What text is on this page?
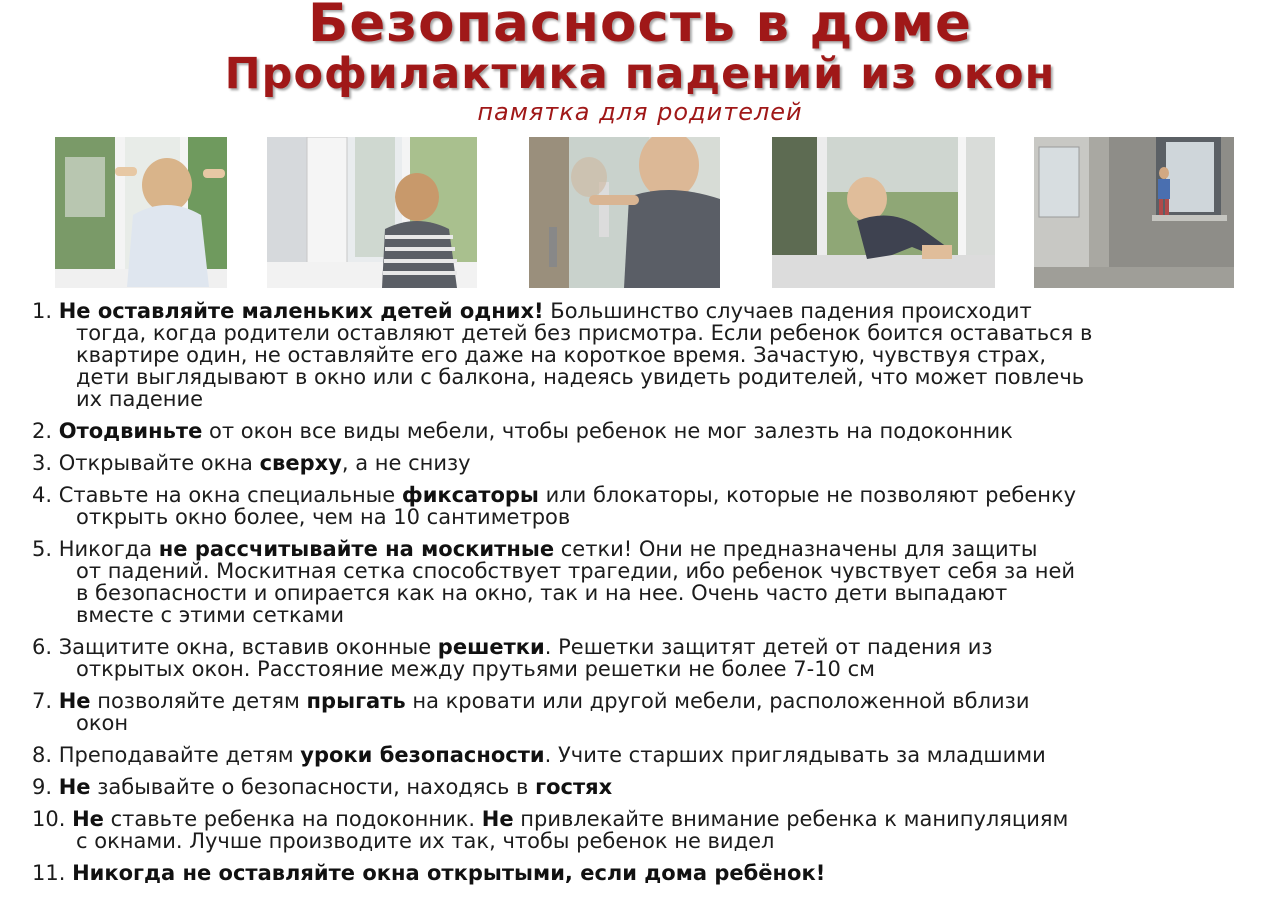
Безопасность в доме
Профилактика падений из окон
памятка для родителей
1. Не оставляйте маленьких детей одних! Большинство случаев падения происходит
тогда, когда родители оставляют детей без присмотра. Если ребенок боится оставаться в
квартире один, не оставляйте его даже на короткое время. Зачастую, чувствуя страх,
дети выглядывают в окно или с балкона, надеясь увидеть родителей, что может повлечь
их падение
2. Отодвиньте от окон все виды мебели, чтобы ребенок не мог залезть на подоконник
3. Открывайте окна сверху, а не снизу
4. Ставьте на окна специальные фиксаторы или блокаторы, которые не позволяют ребенку
открыть окно более, чем на 10 сантиметров
5. Никогда не рассчитывайте на москитные сетки! Они не предназначены для защиты
от падений. Москитная сетка способствует трагедии, ибо ребенок чувствует себя за ней
в безопасности и опирается как на окно, так и на нее. Очень часто дети выпадают
вместе с этими сетками
6. Защитите окна, вставив оконные решетки. Решетки защитят детей от падения из
открытых окон. Расстояние между прутьями решетки не более 7-10 см
7. Не позволяйте детям прыгать на кровати или другой мебели, расположенной вблизи
окон
8. Преподавайте детям уроки безопасности. Учите старших приглядывать за младшими
9. Не забывайте о безопасности, находясь в гостях
10. Не ставьте ребенка на подоконник. Не привлекайте внимание ребенка к манипуляциям
с окнами. Лучше производите их так, чтобы ребенок не видел
11. Никогда не оставляйте окна открытыми, если дома ребёнок!
